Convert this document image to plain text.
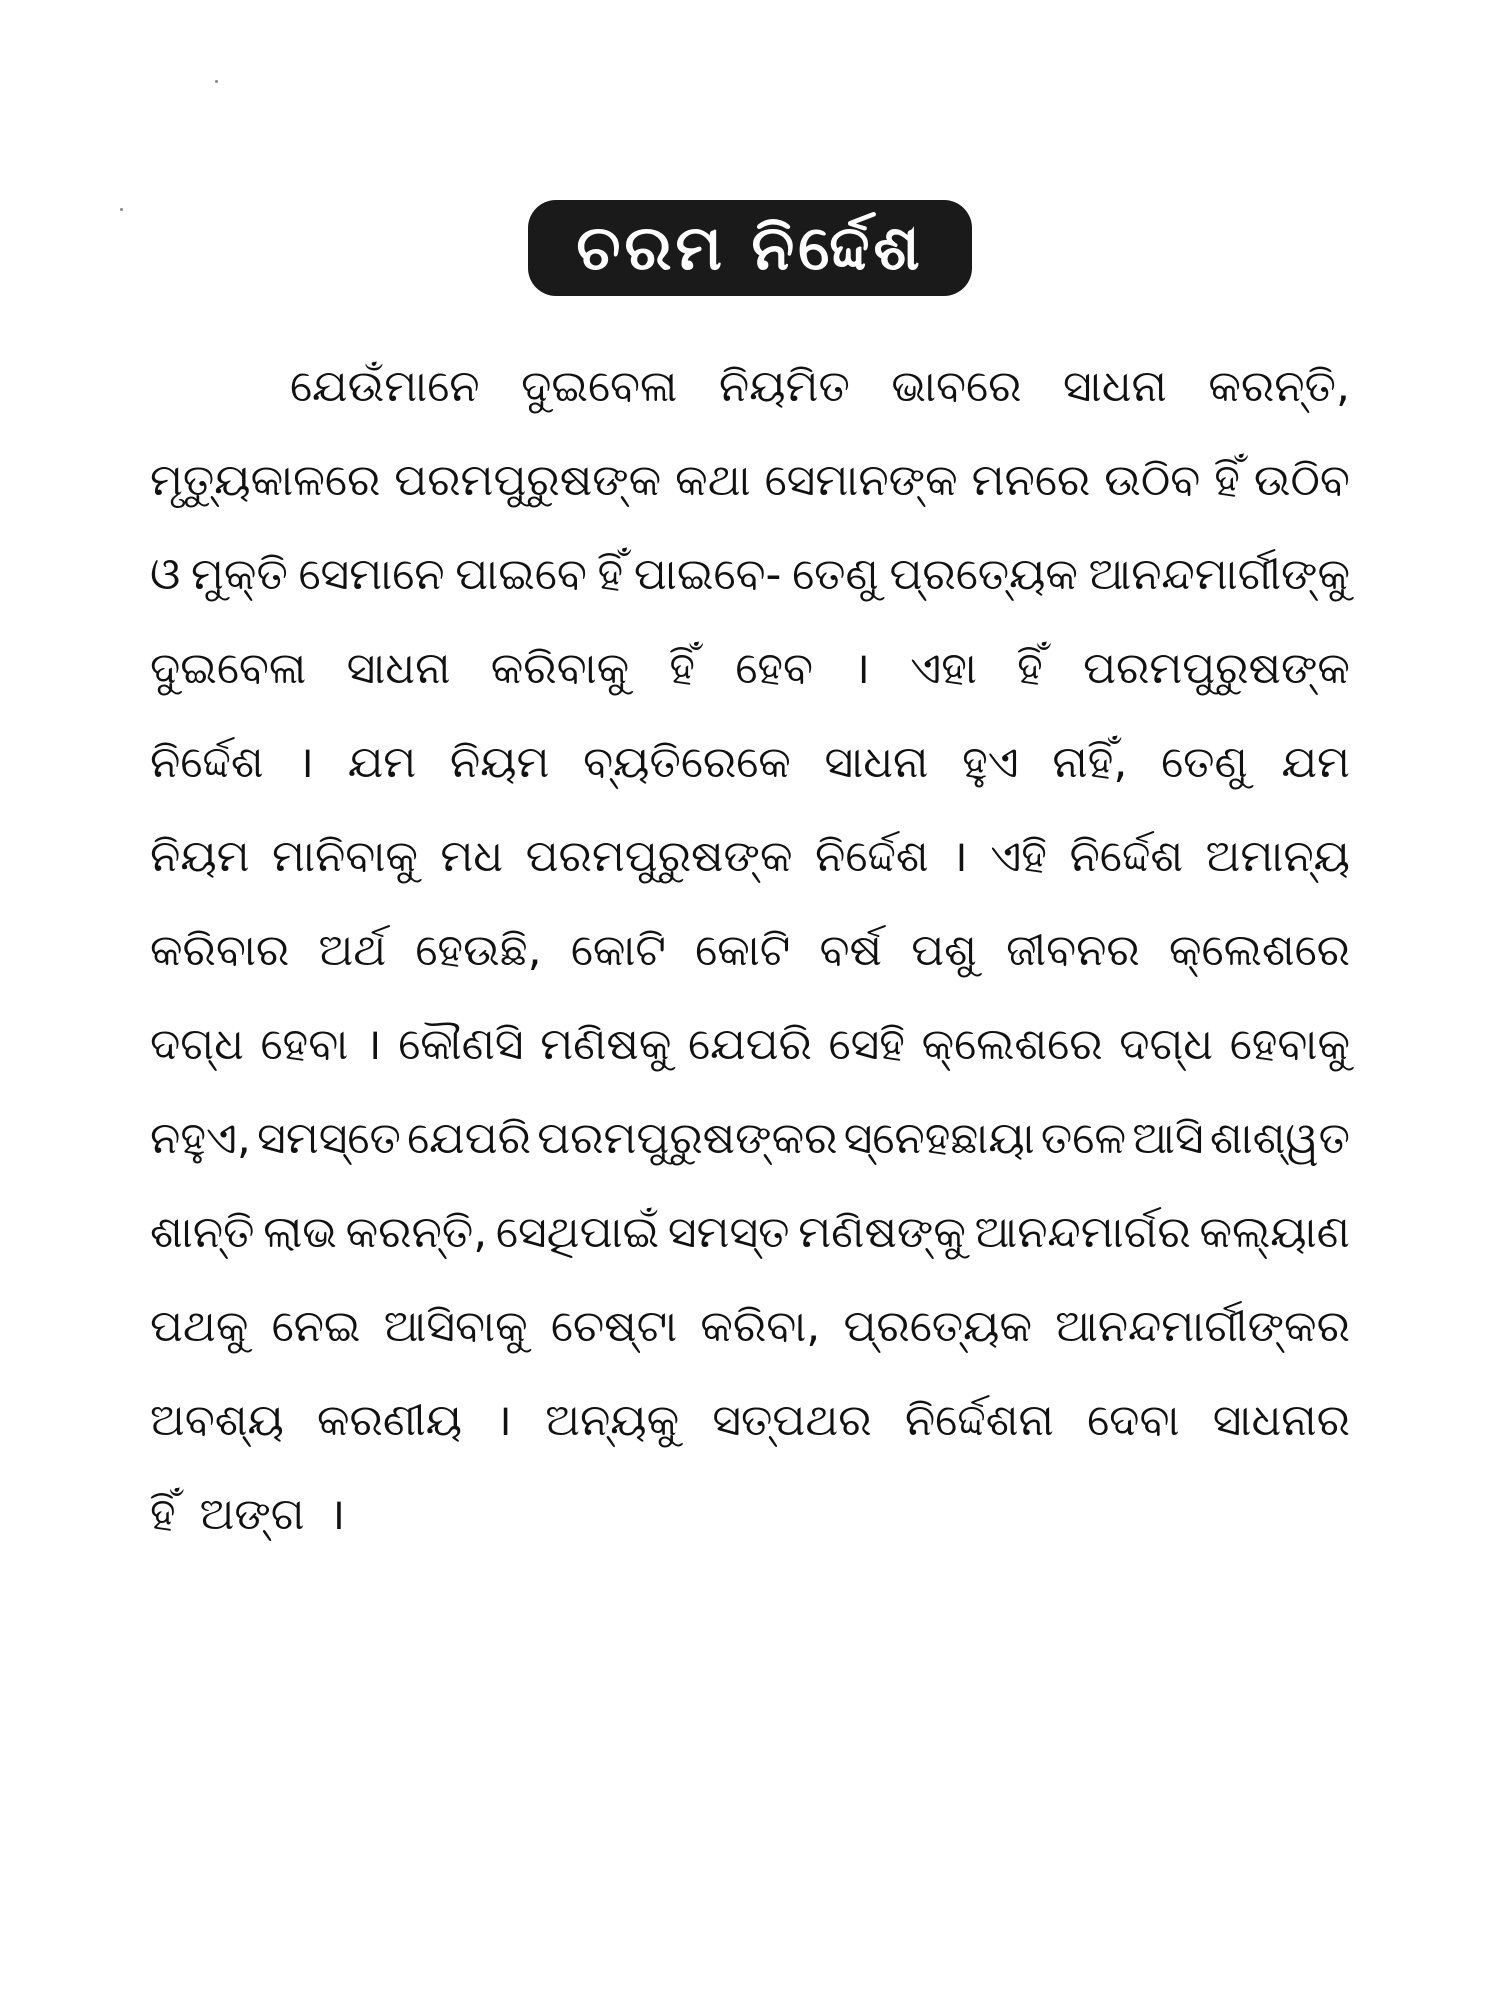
ଚରମ ନିର୍ଦ୍ଦେଶ
ଯେଉଁମାନେ ଦୁଇବେଳା ନିୟମିତ ଭାବରେ ସାଧନା କରନ୍ତି,
ମୃତ୍ୟୁକାଳରେ ପରମପୁରୁଷଙ୍କ କଥା ସେମାନଙ୍କ ମନରେ ଉଠିବ ହିଁ ଉଠିବ
ଓ ମୁକ୍ତି ସେମାନେ ପାଇବେ ହିଁ ପାଇବେ- ତେଣୁ ପ୍ରତ୍ୟେକ ଆନନ୍ଦମାର୍ଗୀଙ୍କୁ
ଦୁଇବେଳା ସାଧନା କରିବାକୁ ହିଁ ହେବ । ଏହା ହିଁ ପରମପୁରୁଷଙ୍କ
ନିର୍ଦ୍ଦେଶ । ଯମ ନିୟମ ବ୍ୟତିରେକେ ସାଧନା ହୁଏ ନାହିଁ, ତେଣୁ ଯମ
ନିୟମ ମାନିବାକୁ ମଧ ପରମପୁରୁଷଙ୍କ ନିର୍ଦ୍ଦେଶ । ଏହି ନିର୍ଦ୍ଦେଶ ଅମାନ୍ୟ
କରିବାର ଅର୍ଥ ହେଉଛି, କୋଟି କୋଟି ବର୍ଷ ପଶୁ ଜୀବନର କ୍ଲେଶରେ
ଦଗ୍ଧ ହେବା । କୌଣସି ମଣିଷକୁ ଯେପରି ସେହି କ୍ଲେଶରେ ଦଗ୍ଧ ହେବାକୁ
ନହୁଏ, ସମସ୍ତେ ଯେପରି ପରମପୁରୁଷଙ୍କର ସ୍ନେହଛାୟା ତଳେ ଆସି ଶାଶ୍ୱତ
ଶାନ୍ତି ଲାଭ କରନ୍ତି, ସେଥିପାଇଁ ସମସ୍ତ ମଣିଷଙ୍କୁ ଆନନ୍ଦମାର୍ଗର କଲ୍ୟାଣ
ପଥକୁ ନେଇ ଆସିବାକୁ ଚେଷ୍ଟା କରିବା, ପ୍ରତ୍ୟେକ ଆନନ୍ଦମାର୍ଗୀଙ୍କର
ଅବଶ୍ୟ କରଣୀୟ । ଅନ୍ୟକୁ ସତ୍‌ପଥର ନିର୍ଦ୍ଦେଶନା ଦେବା ସାଧନାର
ହିଁ ଅଙ୍ଗ ।
